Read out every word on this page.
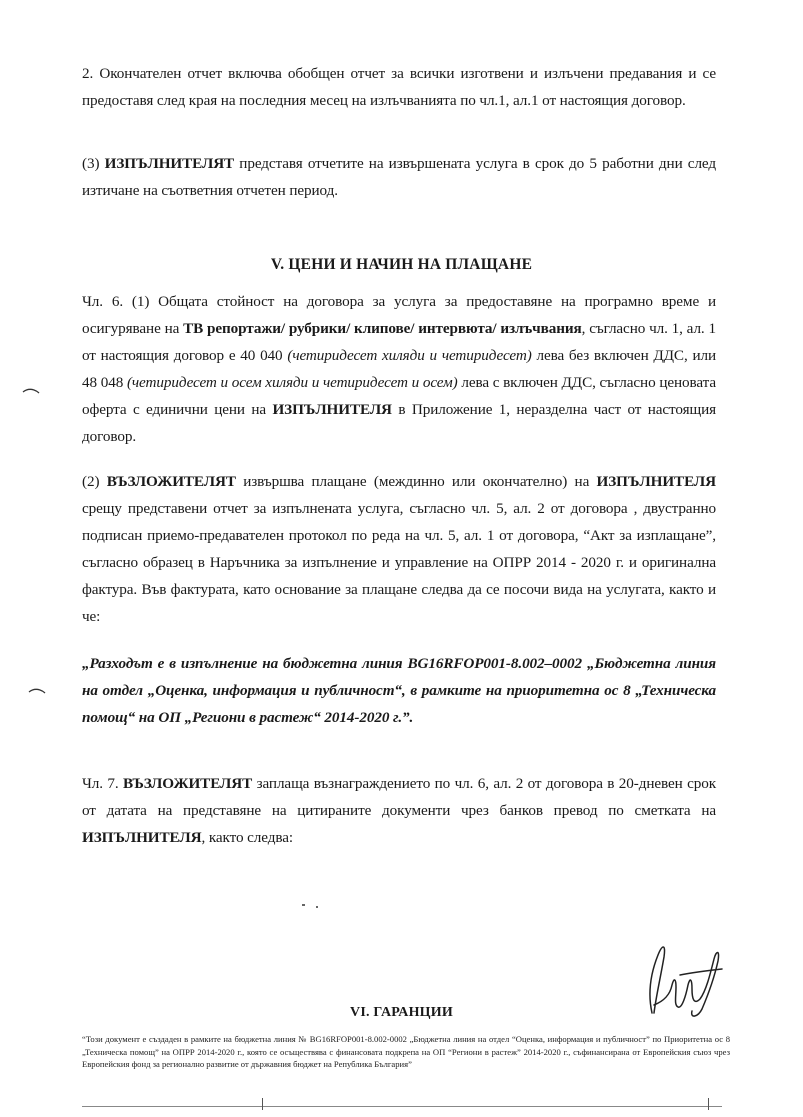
2. Окончателен отчет включва обобщен отчет за всички изготвени и излъчени предавания и се предоставя след края на последния месец на излъчванията по чл.1, ал.1 от настоящия договор.
(3) ИЗПЪЛНИТЕЛЯТ представя отчетите на извършената услуга в срок до 5 работни дни след изтичане на съответния отчетен период.
V. ЦЕНИ И НАЧИН НА ПЛАЩАНЕ
Чл. 6. (1) Общата стойност на договора за услуга за предоставяне на програмно време и осигуряване на ТВ репортажи/ рубрики/ клипове/ интервюта/ излъчвания, съгласно чл. 1, ал. 1 от настоящия договор е 40 040 (четиридесет хиляди и четиридесет) лева без включен ДДС, или 48 048 (четиридесет и осем хиляди и четиридесет и осем) лева с включен ДДС, съгласно ценовата оферта с единични цени на ИЗПЪЛНИТЕЛЯ в Приложение 1, неразделна част от настоящия договор.
(2) ВЪЗЛОЖИТЕЛЯТ извършва плащане (междинно или окончателно) на ИЗПЪЛНИТЕЛЯ срещу представени отчет за изпълнената услуга, съгласно чл. 5, ал. 2 от договора , двустранно подписан приемо-предавателен протокол по реда на чл. 5, ал. 1 от договора, “Акт за изплащане”, съгласно образец в Наръчника за изпълнение и управление на ОПРР 2014 - 2020 г. и оригинална фактура. Във фактурата, като основание за плащане следва да се посочи вида на услугата, както и че:
„Разходът е в изпълнение на бюджетна линия BG16RFOP001-8.002–0002 „Бюджетна линия на отдел „Оценка, информация и публичност“, в рамките на приоритетна ос 8 „Техническа помощ“ на ОП „Региони в растеж“ 2014-2020 г.”.
Чл. 7. ВЪЗЛОЖИТЕЛЯТ заплаща възнаграждението по чл. 6, ал. 2 от договора в 20-дневен срок от датата на представяне на цитираните документи чрез банков превод по сметката на ИЗПЪЛНИТЕЛЯ, както следва:
VI. ГАРАНЦИИ
“Този документ е създаден в рамките на бюджетна линия № BG16RFOP001-8.002-0002 „Бюджетна линия на отдел “Оценка, информация и публичност” по Приоритетна ос 8 „Техническа помощ” на ОПРР 2014-2020 г., която се осъществява с финансовата подкрепа на ОП “Региони в растеж” 2014-2020 г., съфинансирана от Европейския съюз чрез Европейския фонд за регионално развитие от държавния бюджет на Република България”
